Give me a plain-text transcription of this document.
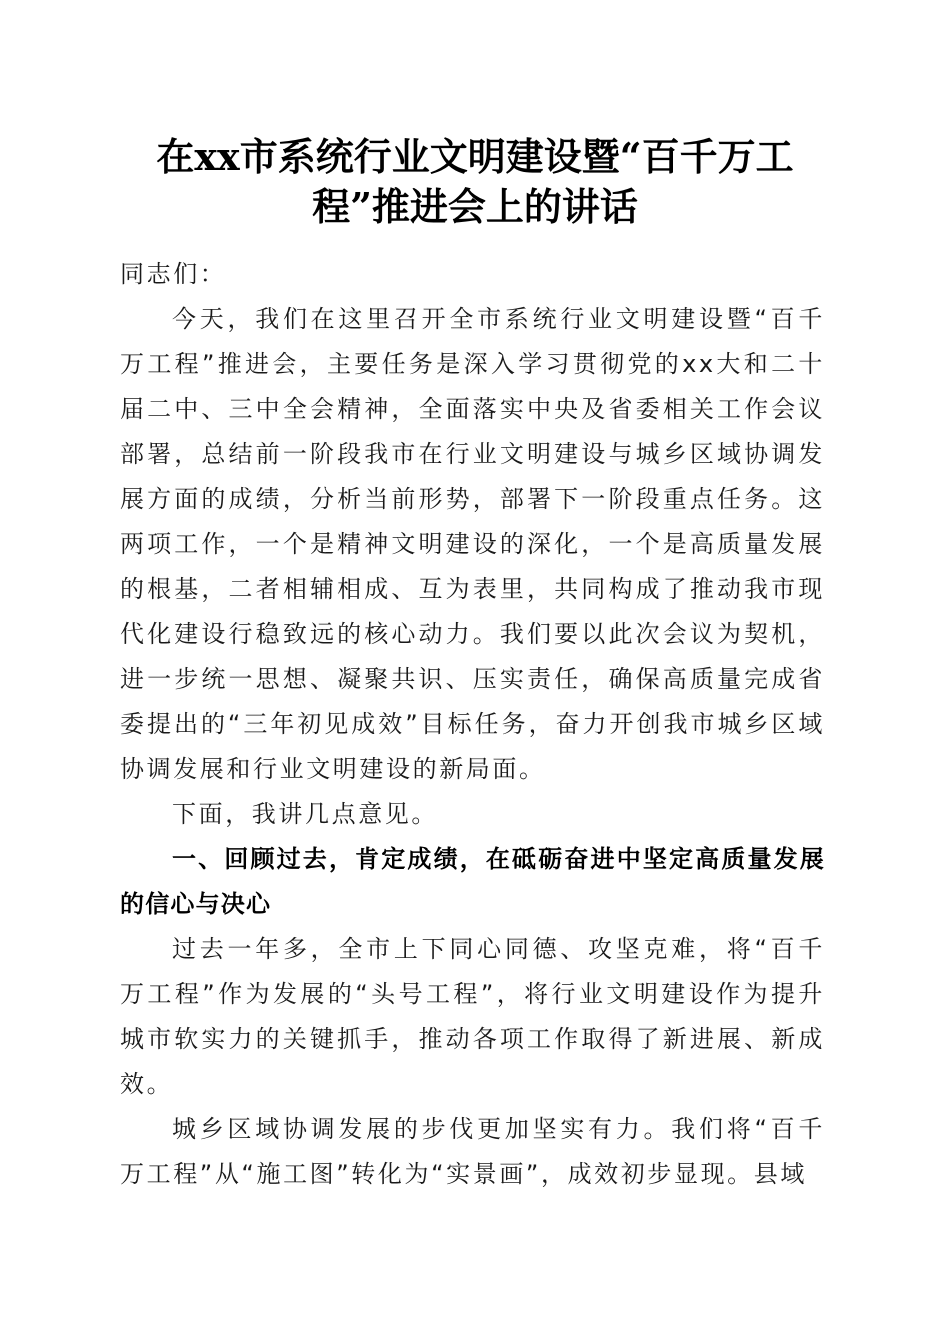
在xx市系统行业文明建设暨“百千万工
程”推进会上的讲话

同志们：

今天，我们在这里召开全市系统行业文明建设暨“百千万工程”推进会，主要任务是深入学习贯彻党的xx大和二十届二中、三中全会精神，全面落实中央及省委相关工作会议部署，总结前一阶段我市在行业文明建设与城乡区域协调发展方面的成绩，分析当前形势，部署下一阶段重点任务。这两项工作，一个是精神文明建设的深化，一个是高质量发展的根基，二者相辅相成、互为表里，共同构成了推动我市现代化建设行稳致远的核心动力。我们要以此次会议为契机，进一步统一思想、凝聚共识、压实责任，确保高质量完成省委提出的“三年初见成效”目标任务，奋力开创我市城乡区域协调发展和行业文明建设的新局面。

下面，我讲几点意见。

一、回顾过去，肯定成绩，在砥砺奋进中坚定高质量发展的信心与决心

过去一年多，全市上下同心同德、攻坚克难，将“百千万工程”作为发展的“头号工程”，将行业文明建设作为提升城市软实力的关键抓手，推动各项工作取得了新进展、新成效。

城乡区域协调发展的步伐更加坚实有力。我们将“百千万工程”从“施工图”转化为“实景画”，成效初步显现。县域
